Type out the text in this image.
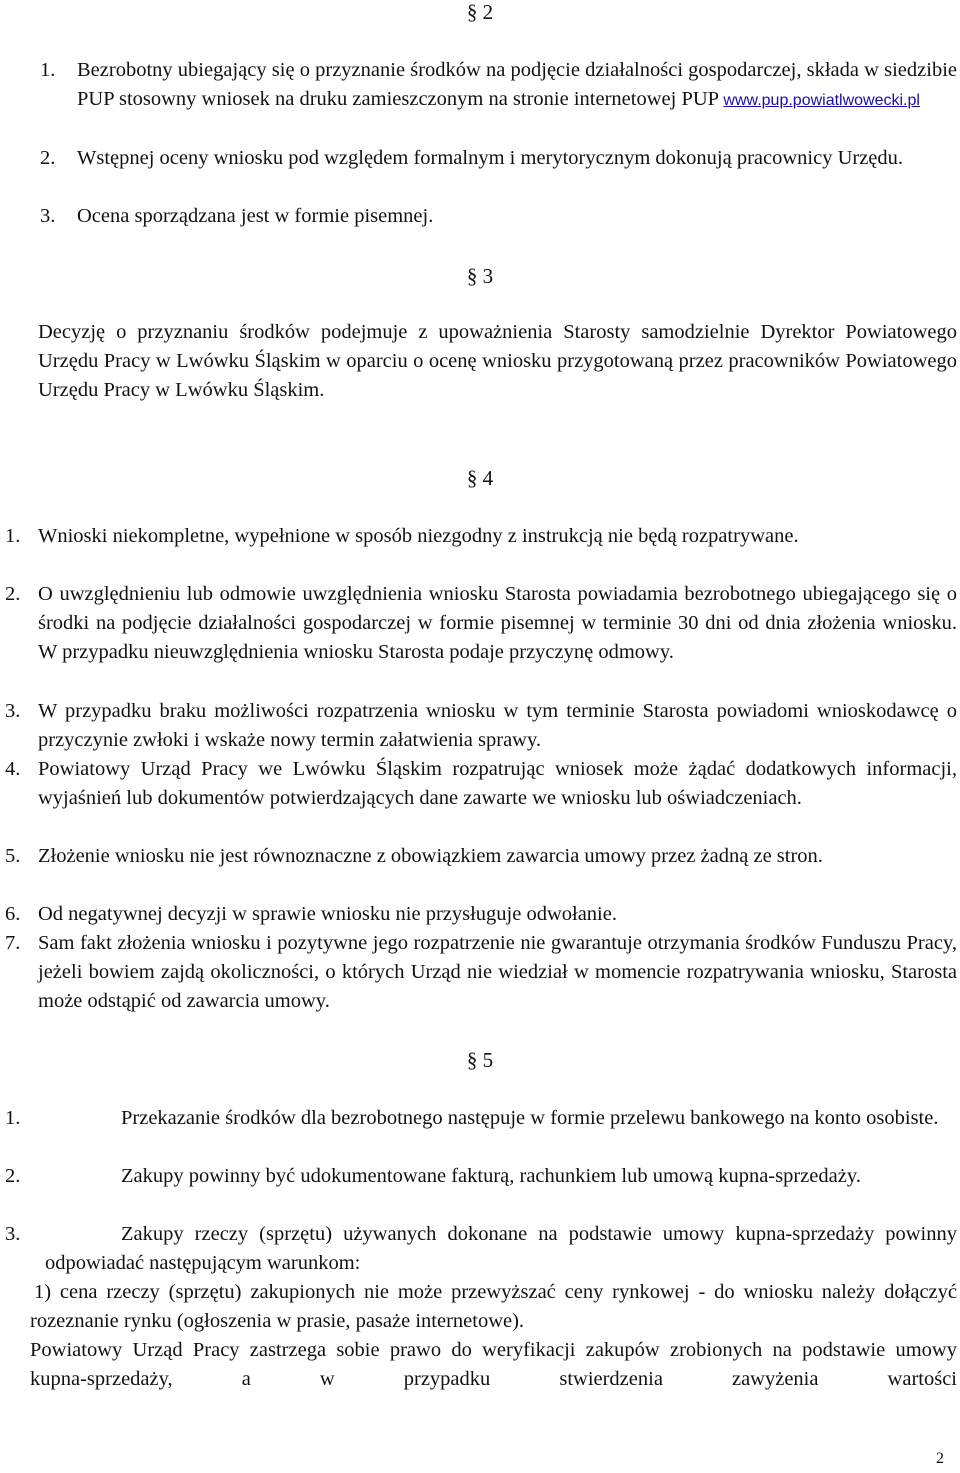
§ 2
1. Bezrobotny ubiegający się o przyznanie środków na podjęcie działalności gospodarczej, składa w siedzibie PUP stosowny wniosek na druku zamieszczonym na stronie internetowej PUP www.pup.powiatlwowecki.pl
2. Wstępnej oceny wniosku pod względem formalnym i merytorycznym dokonują pracownicy Urzędu.
3. Ocena sporządzana jest w formie pisemnej.
§ 3
Decyzję o przyznaniu środków podejmuje z upoważnienia Starosty samodzielnie Dyrektor Powiatowego Urzędu Pracy w Lwówku Śląskim w oparciu o ocenę wniosku przygotowaną przez pracowników Powiatowego Urzędu Pracy w Lwówku Śląskim.
§ 4
1. Wnioski niekompletne, wypełnione w sposób niezgodny z instrukcją nie będą rozpatrywane.
2. O uwzględnieniu lub odmowie uwzględnienia wniosku Starosta powiadamia bezrobotnego ubiegającego się o środki na podjęcie działalności gospodarczej w formie pisemnej w terminie 30 dni od dnia złożenia wniosku. W przypadku nieuwzględnienia wniosku Starosta podaje przyczynę odmowy.
3. W przypadku braku możliwości rozpatrzenia wniosku w tym terminie Starosta powiadomi wnioskodawcę o przyczynie zwłoki i wskaże nowy termin załatwienia sprawy.
4. Powiatowy Urząd Pracy we Lwówku Śląskim rozpatrując wniosek może żądać dodatkowych informacji, wyjaśnień lub dokumentów potwierdzających dane zawarte we wniosku lub oświadczeniach.
5. Złożenie wniosku nie jest równoznaczne z obowiązkiem zawarcia umowy przez żadną ze stron.
6. Od negatywnej decyzji w sprawie wniosku nie przysługuje odwołanie.
7. Sam fakt złożenia wniosku i pozytywne jego rozpatrzenie nie gwarantuje otrzymania środków Funduszu Pracy, jeżeli bowiem zajdą okoliczności, o których Urząd nie wiedział w momencie rozpatrywania wniosku, Starosta może odstąpić od zawarcia umowy.
§ 5
1.	Przekazanie środków dla bezrobotnego następuje w formie przelewu bankowego na konto osobiste.
2.	Zakupy powinny być udokumentowane fakturą, rachunkiem lub umową kupna-sprzedaży.
3.	Zakupy rzeczy (sprzętu) używanych dokonane na podstawie umowy kupna-sprzedaży powinny odpowiadać następującym warunkom:
1) cena rzeczy (sprzętu) zakupionych nie może przewyższać ceny rynkowej - do wniosku należy dołączyć rozeznanie rynku (ogłoszenia w prasie, pasaże internetowe).
Powiatowy Urząd Pracy zastrzega sobie prawo do weryfikacji zakupów zrobionych na podstawie umowy kupna-sprzedaży, a w przypadku stwierdzenia zawyżenia wartości
2
